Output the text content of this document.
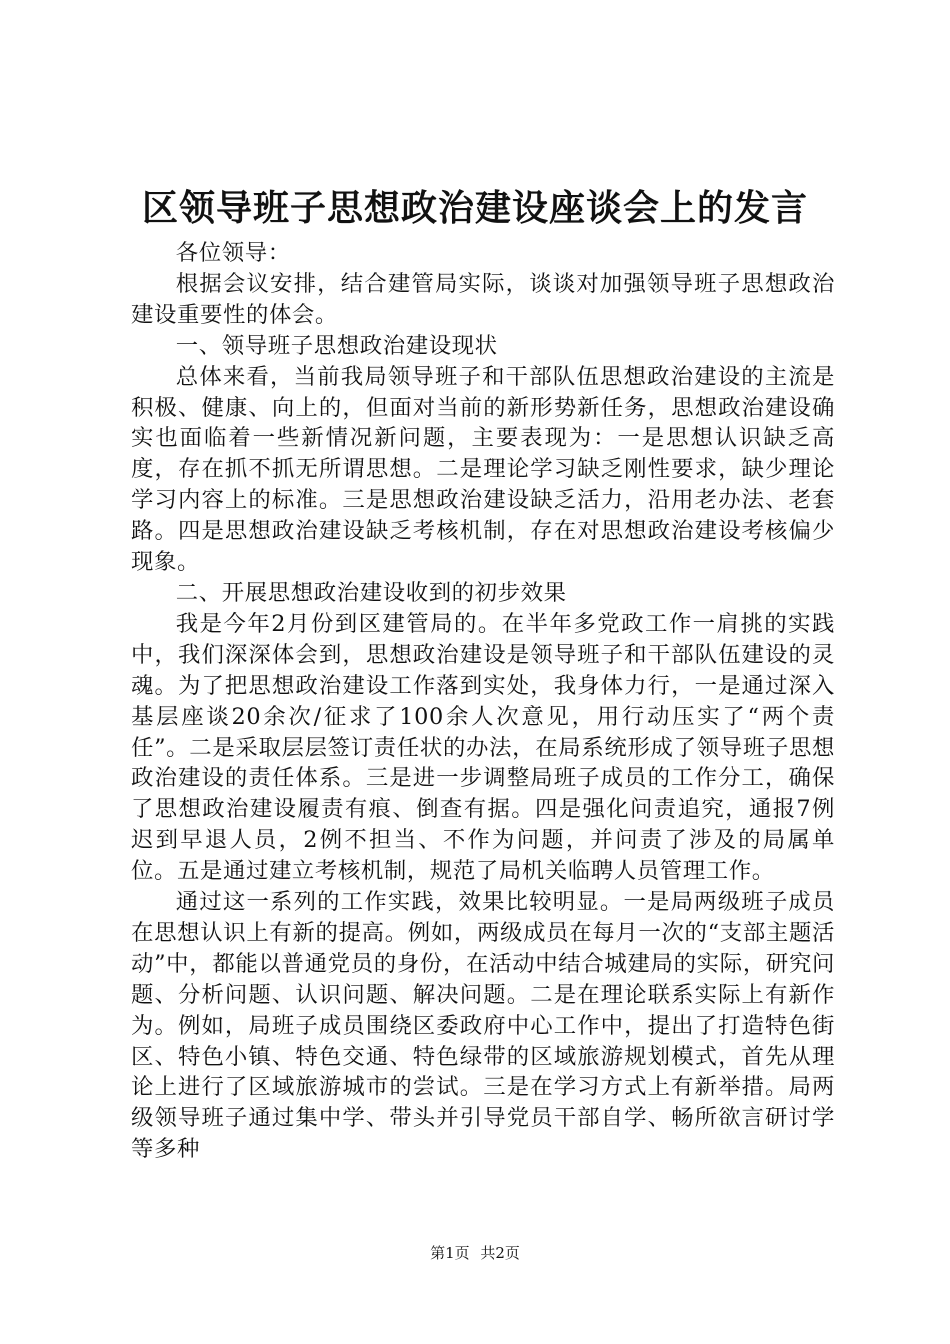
区领导班子思想政治建设座谈会上的发言

各位领导：

根据会议安排，结合建管局实际，谈谈对加强领导班子思想政治建设重要性的体会。

一、领导班子思想政治建设现状

总体来看，当前我局领导班子和干部队伍思想政治建设的主流是积极、健康、向上的，但面对当前的新形势新任务，思想政治建设确实也面临着一些新情况新问题，主要表现为：一是思想认识缺乏高度，存在抓不抓无所谓思想。二是理论学习缺乏刚性要求，缺少理论学习内容上的标准。三是思想政治建设缺乏活力，沿用老办法、老套路。四是思想政治建设缺乏考核机制，存在对思想政治建设考核偏少现象。

二、开展思想政治建设收到的初步效果

我是今年2月份到区建管局的。在半年多党政工作一肩挑的实践中，我们深深体会到，思想政治建设是领导班子和干部队伍建设的灵魂。为了把思想政治建设工作落到实处，我身体力行，一是通过深入基层座谈20余次/征求了100余人次意见，用行动压实了“两个责任”。二是采取层层签订责任状的办法，在局系统形成了领导班子思想政治建设的责任体系。三是进一步调整局班子成员的工作分工，确保了思想政治建设履责有痕、倒查有据。四是强化问责追究，通报7例迟到早退人员，2例不担当、不作为问题，并问责了涉及的局属单位。五是通过建立考核机制，规范了局机关临聘人员管理工作。

通过这一系列的工作实践，效果比较明显。一是局两级班子成员在思想认识上有新的提高。例如，两级成员在每月一次的“支部主题活动”中，都能以普通党员的身份，在活动中结合城建局的实际，研究问题、分析问题、认识问题、解决问题。二是在理论联系实际上有新作为。例如，局班子成员围绕区委政府中心工作中，提出了打造特色街区、特色小镇、特色交通、特色绿带的区域旅游规划模式，首先从理论上进行了区域旅游城市的尝试。三是在学习方式上有新举措。局两级领导班子通过集中学、带头并引导党员干部自学、畅所欲言研讨学等多种

第1页 共2页
